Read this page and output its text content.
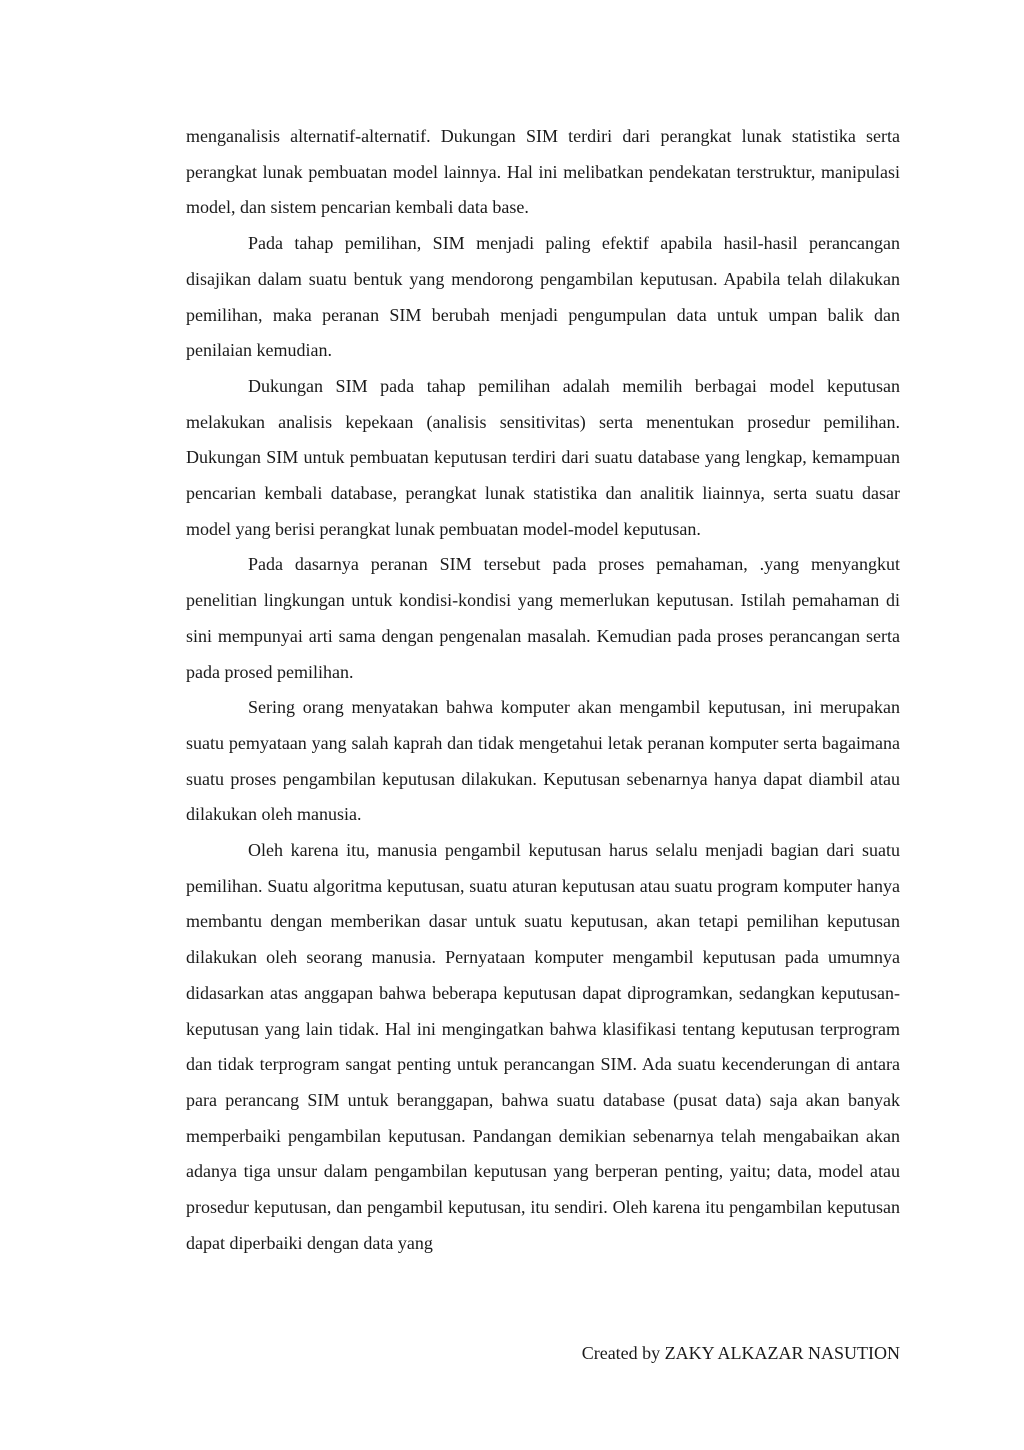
menganalisis alternatif-alternatif. Dukungan SIM terdiri dari perangkat lunak statistika serta perangkat lunak pembuatan model lainnya. Hal ini melibatkan pendekatan terstruktur, manipulasi model, dan sistem pencarian kembali data base.

Pada tahap pemilihan, SIM menjadi paling efektif apabila hasil-hasil perancangan disajikan dalam suatu bentuk yang mendorong pengambilan keputusan. Apabila telah dilakukan pemilihan, maka peranan SIM berubah menjadi pengumpulan data untuk umpan balik dan penilaian kemudian.

Dukungan SIM pada tahap pemilihan adalah memilih berbagai model keputusan melakukan analisis kepekaan (analisis sensitivitas) serta menentukan prosedur pemilihan. Dukungan SIM untuk pembuatan keputusan terdiri dari suatu database yang lengkap, kemampuan pencarian kembali database, perangkat lunak statistika dan analitik liainnya, serta suatu dasar model yang berisi perangkat lunak pembuatan model-model keputusan.

Pada dasarnya peranan SIM tersebut pada proses pemahaman, .yang menyangkut penelitian lingkungan untuk kondisi-kondisi yang memerlukan keputusan. Istilah pemahaman di sini mempunyai arti sama dengan pengenalan masalah. Kemudian pada proses perancangan serta pada prosed pemilihan.

Sering orang menyatakan bahwa komputer akan mengambil keputusan, ini merupakan suatu pemyataan yang salah kaprah dan tidak mengetahui letak peranan komputer serta bagaimana suatu proses pengambilan keputusan dilakukan. Keputusan sebenarnya hanya dapat diambil atau dilakukan oleh manusia.

Oleh karena itu, manusia pengambil keputusan harus selalu menjadi bagian dari suatu pemilihan. Suatu algoritma keputusan, suatu aturan keputusan atau suatu program komputer hanya membantu dengan memberikan dasar untuk suatu keputusan, akan tetapi pemilihan keputusan dilakukan oleh seorang manusia. Pernyataan komputer mengambil keputusan pada umumnya didasarkan atas anggapan bahwa beberapa keputusan dapat diprogramkan, sedangkan keputusan-keputusan yang lain tidak. Hal ini mengingatkan bahwa klasifikasi tentang keputusan terprogram dan tidak terprogram sangat penting untuk perancangan SIM. Ada suatu kecenderungan di antara para perancang SIM untuk beranggapan, bahwa suatu database (pusat data) saja akan banyak memperbaiki pengambilan keputusan. Pandangan demikian sebenarnya telah mengabaikan akan adanya tiga unsur dalam pengambilan keputusan yang berperan penting, yaitu; data, model atau prosedur keputusan, dan pengambil keputusan, itu sendiri. Oleh karena itu pengambilan keputusan dapat diperbaiki dengan data yang

Created by ZAKY ALKAZAR NASUTION
